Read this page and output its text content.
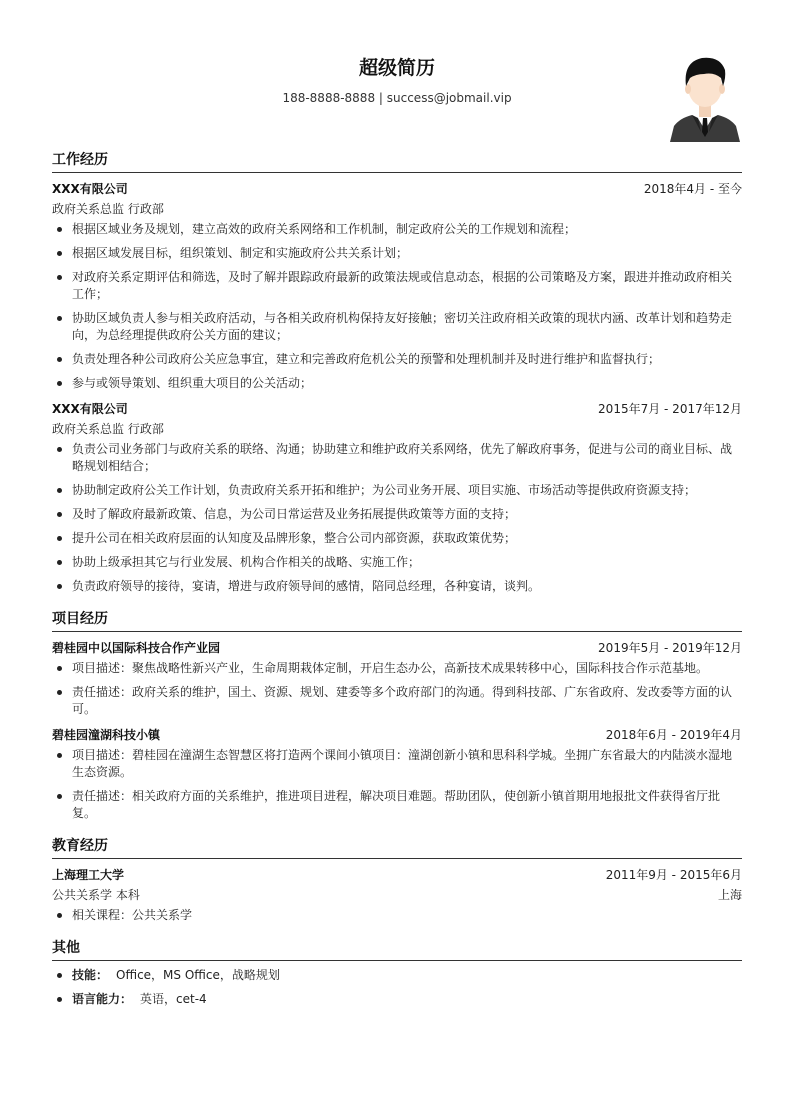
超级简历
188-8888-8888 | success@jobmail.vip
工作经历
XXX有限公司	2018年4月 - 至今
政府关系总监 行政部
根据区域业务及规划，建立高效的政府关系网络和工作机制，制定政府公关的工作规划和流程；
根据区域发展目标，组织策划、制定和实施政府公共关系计划；
对政府关系定期评估和筛选，及时了解并跟踪政府最新的政策法规或信息动态，根据的公司策略及方案，跟进并推动政府相关工作；
协助区域负责人参与相关政府活动，与各相关政府机构保持友好接触；密切关注政府相关政策的现状内涵、改革计划和趋势走向，为总经理提供政府公关方面的建议；
负责处理各种公司政府公关应急事宜，建立和完善政府危机公关的预警和处理机制并及时进行维护和监督执行；
参与或领导策划、组织重大项目的公关活动；
XXX有限公司	2015年7月 - 2017年12月
政府关系总监 行政部
负责公司业务部门与政府关系的联络、沟通；协助建立和维护政府关系网络，优先了解政府事务，促进与公司的商业目标、战略规划相结合；
协助制定政府公关工作计划，负责政府关系开拓和维护；为公司业务开展、项目实施、市场活动等提供政府资源支持；
及时了解政府最新政策、信息，为公司日常运营及业务拓展提供政策等方面的支持；
提升公司在相关政府层面的认知度及品牌形象，整合公司内部资源，获取政策优势；
协助上级承担其它与行业发展、机构合作相关的战略、实施工作；
负责政府领导的接待，宴请，增进与政府领导间的感情，陪同总经理，各种宴请，谈判。
项目经历
碧桂园中以国际科技合作产业园	2019年5月 - 2019年12月
项目描述：聚焦战略性新兴产业，生命周期栽体定制，开启生态办公，高新技术成果转移中心，国际科技合作示范基地。
责任描述：政府关系的维护，国土、资源、规划、建委等多个政府部门的沟通。得到科技部、广东省政府、发改委等方面的认可。
碧桂园潼湖科技小镇	2018年6月 - 2019年4月
项目描述：碧桂园在潼湖生态智慧区将打造两个课间小镇项目：潼湖创新小镇和思科科学城。坐拥广东省最大的内陆淡水湿地生态资源。
责任描述：相关政府方面的关系维护，推进项目进程，解决项目难题。帮助团队，使创新小镇首期用地报批文件获得省厅批复。
教育经历
上海理工大学	2011年9月 - 2015年6月
公共关系学 本科	上海
相关课程：公共关系学
其他
技能： Office，MS Office，战略规划
语言能力： 英语，cet-4
